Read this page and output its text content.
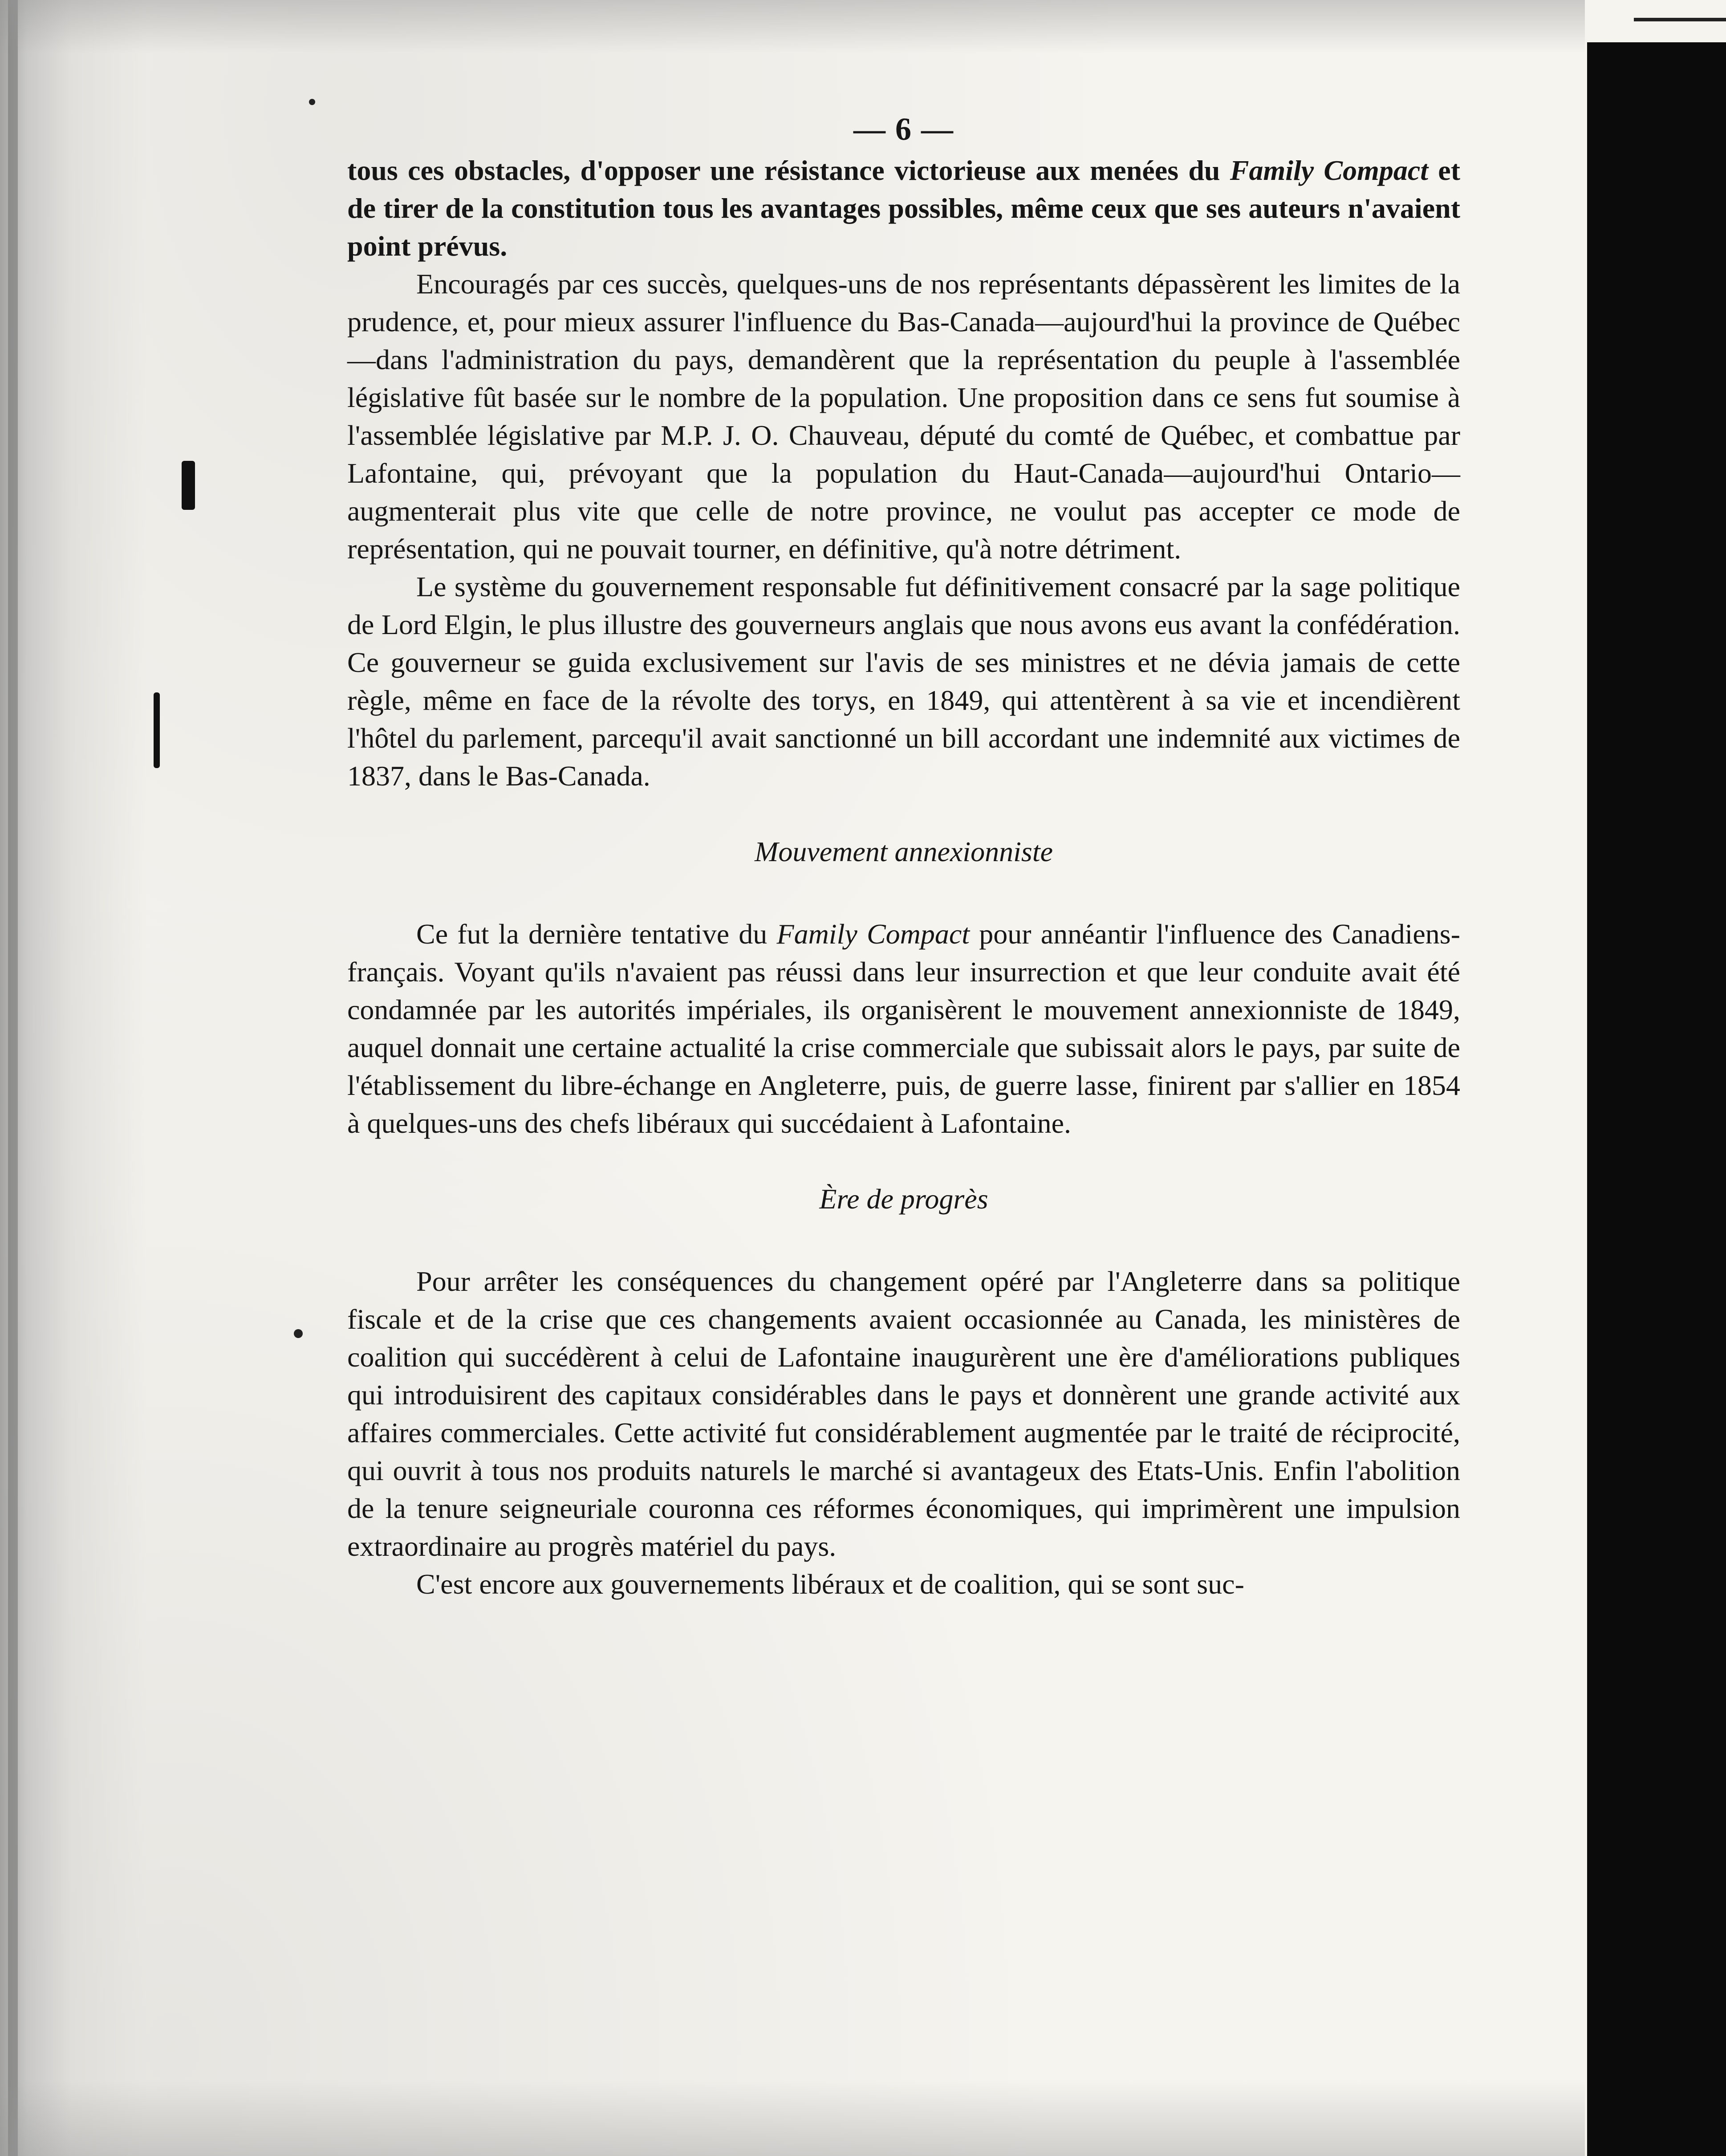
— 6 —

tous ces obstacles, d'opposer une résistance victorieuse aux menées du Family Compact et de tirer de la constitution tous les avantages possibles, même ceux que ses auteurs n'avaient point prévus.

Encouragés par ces succès, quelques-uns de nos représentants dépassèrent les limites de la prudence, et, pour mieux assurer l'influence du Bas-Canada—aujourd'hui la province de Québec—dans l'administration du pays, demandèrent que la représentation du peuple à l'assemblée législative fût basée sur le nombre de la population. Une proposition dans ce sens fut soumise à l'assemblée législative par M.P. J. O. Chauveau, député du comté de Québec, et combattue par Lafontaine, qui, prévoyant que la population du Haut-Canada—aujourd'hui Ontario—augmenterait plus vite que celle de notre province, ne voulut pas accepter ce mode de représentation, qui ne pouvait tourner, en définitive, qu'à notre détriment.

Le système du gouvernement responsable fut définitivement consacré par la sage politique de Lord Elgin, le plus illustre des gouverneurs anglais que nous avons eus avant la confédération. Ce gouverneur se guida exclusivement sur l'avis de ses ministres et ne dévia jamais de cette règle, même en face de la révolte des torys, en 1849, qui attentèrent à sa vie et incendièrent l'hôtel du parlement, parcequ'il avait sanctionné un bill accordant une indemnité aux victimes de 1837, dans le Bas-Canada.

Mouvement annexionniste

Ce fut la dernière tentative du Family Compact pour annéantir l'influence des Canadiens-français. Voyant qu'ils n'avaient pas réussi dans leur insurrection et que leur conduite avait été condamnée par les autorités impériales, ils organisèrent le mouvement annexionniste de 1849, auquel donnait une certaine actualité la crise commerciale que subissait alors le pays, par suite de l'établissement du libre-échange en Angleterre, puis, de guerre lasse, finirent par s'allier en 1854 à quelques-uns des chefs libéraux qui succédaient à Lafontaine.

Ère de progrès

Pour arrêter les conséquences du changement opéré par l'Angleterre dans sa politique fiscale et de la crise que ces changements avaient occasionnée au Canada, les ministères de coalition qui succédèrent à celui de Lafontaine inaugurèrent une ère d'améliorations publiques qui introduisirent des capitaux considérables dans le pays et donnèrent une grande activité aux affaires commerciales. Cette activité fut considérablement augmentée par le traité de réciprocité, qui ouvrit à tous nos produits naturels le marché si avantageux des Etats-Unis. Enfin l'abolition de la tenure seigneuriale couronna ces réformes économiques, qui imprimèrent une impulsion extraordinaire au progrès matériel du pays.

C'est encore aux gouvernements libéraux et de coalition, qui se sont suc-
